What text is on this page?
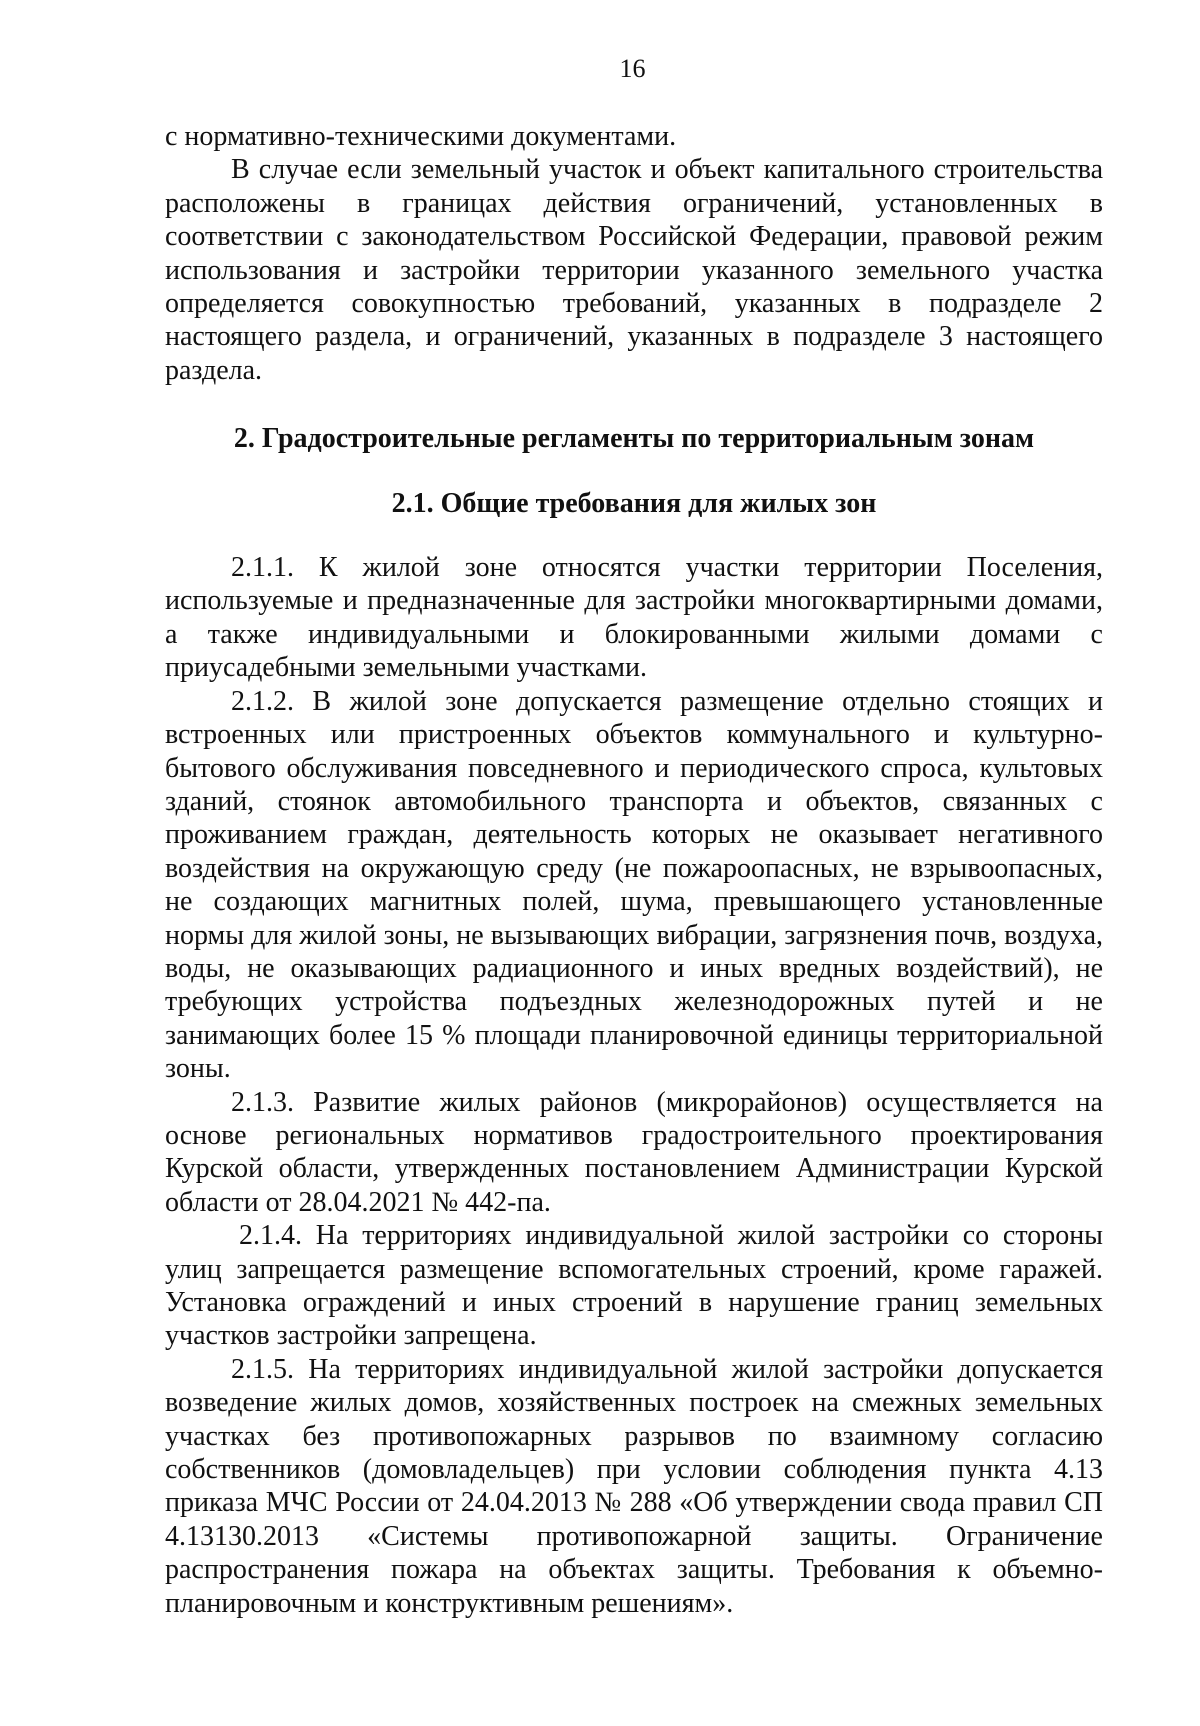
16

с нормативно-техническими документами.

В случае если земельный участок и объект капитального строительства расположены в границах действия ограничений, установленных в соответствии с законодательством Российской Федерации, правовой режим использования и застройки территории указанного земельного участка определяется совокупностью требований, указанных в подразделе 2 настоящего раздела, и ограничений, указанных в подразделе 3 настоящего раздела.

2. Градостроительные регламенты по территориальным зонам

2.1. Общие требования для жилых зон

2.1.1. К жилой зоне относятся участки территории Поселения, используемые и предназначенные для застройки многоквартирными домами, а также индивидуальными и блокированными жилыми домами с приусадебными земельными участками.

2.1.2. В жилой зоне допускается размещение отдельно стоящих и встроенных или пристроенных объектов коммунального и культурно-бытового обслуживания повседневного и периодического спроса, культовых зданий, стоянок автомобильного транспорта и объектов, связанных с проживанием граждан, деятельность которых не оказывает негативного воздействия на окружающую среду (не пожароопасных, не взрывоопасных, не создающих магнитных полей, шума, превышающего установленные нормы для жилой зоны, не вызывающих вибрации, загрязнения почв, воздуха, воды, не оказывающих радиационного и иных вредных воздействий), не требующих устройства подъездных железнодорожных путей и не занимающих более 15 % площади планировочной единицы территориальной зоны.

2.1.3. Развитие жилых районов (микрорайонов) осуществляется на основе региональных нормативов градостроительного проектирования Курской области, утвержденных постановлением Администрации Курской области от 28.04.2021 № 442-па.

2.1.4. На территориях индивидуальной жилой застройки со стороны улиц запрещается размещение вспомогательных строений, кроме гаражей. Установка ограждений и иных строений в нарушение границ земельных участков застройки запрещена.

2.1.5. На территориях индивидуальной жилой застройки допускается возведение жилых домов, хозяйственных построек на смежных земельных участках без противопожарных разрывов по взаимному согласию собственников (домовладельцев) при условии соблюдения пункта 4.13 приказа МЧС России от 24.04.2013 № 288 «Об утверждении свода правил СП 4.13130.2013 «Системы противопожарной защиты. Ограничение распространения пожара на объектах защиты. Требования к объемно-планировочным и конструктивным решениям».
